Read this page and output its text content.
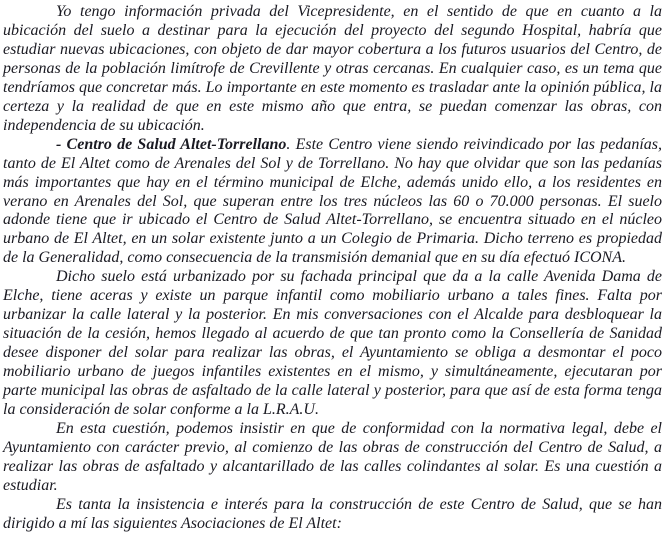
Yo tengo información privada del Vicepresidente, en el sentido de que en cuanto a la ubicación del suelo a destinar para la ejecución del proyecto del segundo Hospital, habría que estudiar nuevas ubicaciones, con objeto de dar mayor cobertura a los futuros usuarios del Centro, de personas de la población limítrofe de Crevillente y otras cercanas. En cualquier caso, es un tema que tendríamos que concretar más. Lo importante en este momento es trasladar ante la opinión pública, la certeza y la realidad de que en este mismo año que entra, se puedan comenzar las obras, con independencia de su ubicación.

- Centro de Salud Altet-Torrellano. Este Centro viene siendo reivindicado por las pedanías, tanto de El Altet como de Arenales del Sol y de Torrellano. No hay que olvidar que son las pedanías más importantes que hay en el término municipal de Elche, además unido ello, a los residentes en verano en Arenales del Sol, que superan entre los tres núcleos las 60 o 70.000 personas. El suelo adonde tiene que ir ubicado el Centro de Salud Altet-Torrellano, se encuentra situado en el núcleo urbano de El Altet, en un solar existente junto a un Colegio de Primaria. Dicho terreno es propiedad de la Generalidad, como consecuencia de la transmisión demanial que en su día efectuó ICONA.

Dicho suelo está urbanizado por su fachada principal que da a la calle Avenida Dama de Elche, tiene aceras y existe un parque infantil como mobiliario urbano a tales fines. Falta por urbanizar la calle lateral y la posterior. En mis conversaciones con el Alcalde para desbloquear la situación de la cesión, hemos llegado al acuerdo de que tan pronto como la Consellería de Sanidad desee disponer del solar para realizar las obras, el Ayuntamiento se obliga a desmontar el poco mobiliario urbano de juegos infantiles existentes en el mismo, y simultáneamente, ejecutaran por parte municipal las obras de asfaltado de la calle lateral y posterior, para que así de esta forma tenga la consideración de solar conforme a la L.R.A.U.

En esta cuestión, podemos insistir en que de conformidad con la normativa legal, debe el Ayuntamiento con carácter previo, al comienzo de las obras de construcción del Centro de Salud, a realizar las obras de asfaltado y alcantarillado de las calles colindantes al solar. Es una cuestión a estudiar.

Es tanta la insistencia e interés para la construcción de este Centro de Salud, que se han dirigido a mí las siguientes Asociaciones de El Altet:
